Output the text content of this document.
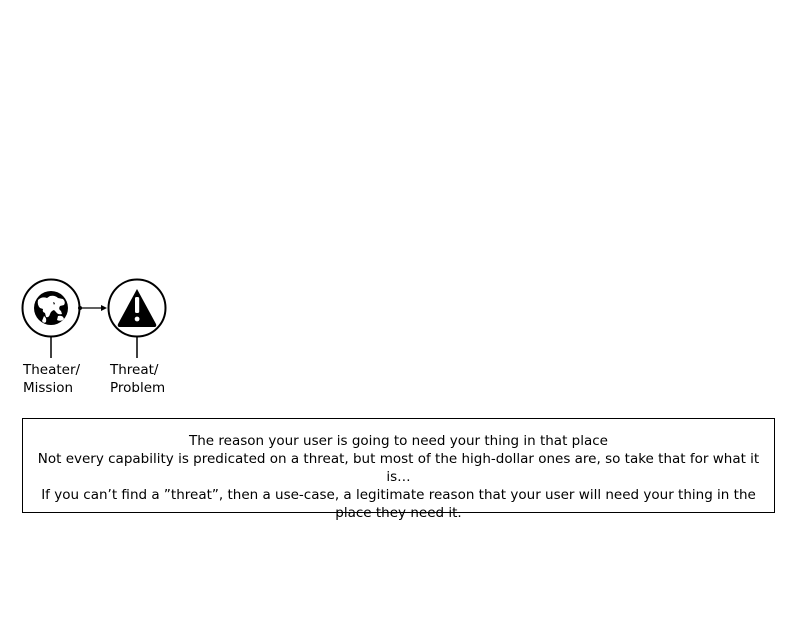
Theater/
Mission
Threat/
Problem
The reason your user is going to need your thing in that place
Not every capability is predicated on a threat, but most of the high-dollar ones are, so take that for what it is…
If you can’t find a ”threat”, then a use-case, a legitimate reason that your user will need your thing in the place they need it.
